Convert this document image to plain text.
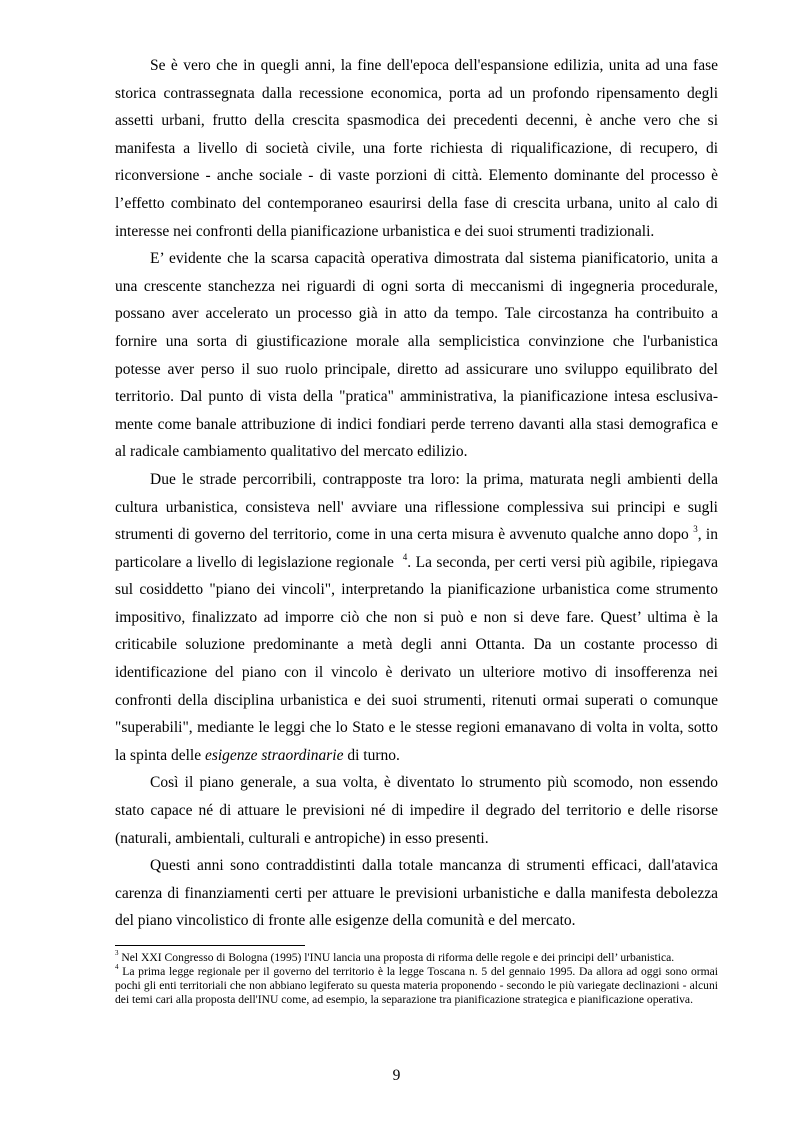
Se è vero che in quegli anni, la fine dell'epoca dell'espansione edilizia, unita ad una fase storica contrassegnata dalla recessione economica, porta ad un profondo ripensamento degli assetti urbani, frutto della crescita spasmodica dei precedenti decenni, è anche vero che si manifesta a livello di società civile, una forte richiesta di riqualificazione, di recupero, di riconversione - anche sociale - di vaste porzioni di città. Elemento dominante del processo è l’effetto combinato del contemporaneo esaurirsi della fase di crescita urbana, unito al calo di interesse nei confronti della pianificazione urbanistica e dei suoi strumenti tradizionali.

E’ evidente che la scarsa capacità operativa dimostrata dal sistema pianificatorio, unita a una crescente stanchezza nei riguardi di ogni sorta di meccanismi di ingegneria procedurale, possano aver accelerato un processo già in atto da tempo. Tale circostanza ha contribuito a fornire una sorta di giustificazione morale alla semplicistica convinzione che l'urbanistica potesse aver perso il suo ruolo principale, diretto ad assicurare uno sviluppo equilibrato del territorio. Dal punto di vista della "pratica" amministrativa, la pianificazione intesa esclusiva-mente come banale attribuzione di indici fondiari perde terreno davanti alla stasi demografica e al radicale cambiamento qualitativo del mercato edilizio.

Due le strade percorribili, contrapposte tra loro: la prima, maturata negli ambienti della cultura urbanistica, consisteva nell' avviare una riflessione complessiva sui principi e sugli strumenti di governo del territorio, come in una certa misura è avvenuto qualche anno dopo $^3$, in particolare a livello di legislazione regionale $^4$. La seconda, per certi versi più agibile, ripiegava sul cosiddetto "piano dei vincoli", interpretando la pianificazione urbanistica come strumento impositivo, finalizzato ad imporre ciò che non si può e non si deve fare. Quest’ ultima è la criticabile soluzione predominante a metà degli anni Ottanta. Da un costante processo di identificazione del piano con il vincolo è derivato un ulteriore motivo di insofferenza nei confronti della disciplina urbanistica e dei suoi strumenti, ritenuti ormai superati o comunque "superabili", mediante le leggi che lo Stato e le stesse regioni emanavano di volta in volta, sotto la spinta delle esigenze straordinarie di turno.

Così il piano generale, a sua volta, è diventato lo strumento più scomodo, non essendo stato capace né di attuare le previsioni né di impedire il degrado del territorio e delle risorse (naturali, ambientali, culturali e antropiche) in esso presenti.

Questi anni sono contraddistinti dalla totale mancanza di strumenti efficaci, dall'atavica carenza di finanziamenti certi per attuare le previsioni urbanistiche e dalla manifesta debolezza del piano vincolistico di fronte alle esigenze della comunità e del mercato.

$^3$ Nel XXI Congresso di Bologna (1995) l'INU lancia una proposta di riforma delle regole e dei principi dell’ urbanistica.

$^4$ La prima legge regionale per il governo del territorio è la legge Toscana n. 5 del gennaio 1995. Da allora ad oggi sono ormai pochi gli enti territoriali che non abbiano legiferato su questa materia proponendo - secondo le più variegate declinazioni - alcuni dei temi cari alla proposta dell'INU come, ad esempio, la separazione tra pianificazione strategica e pianificazione operativa.

9
